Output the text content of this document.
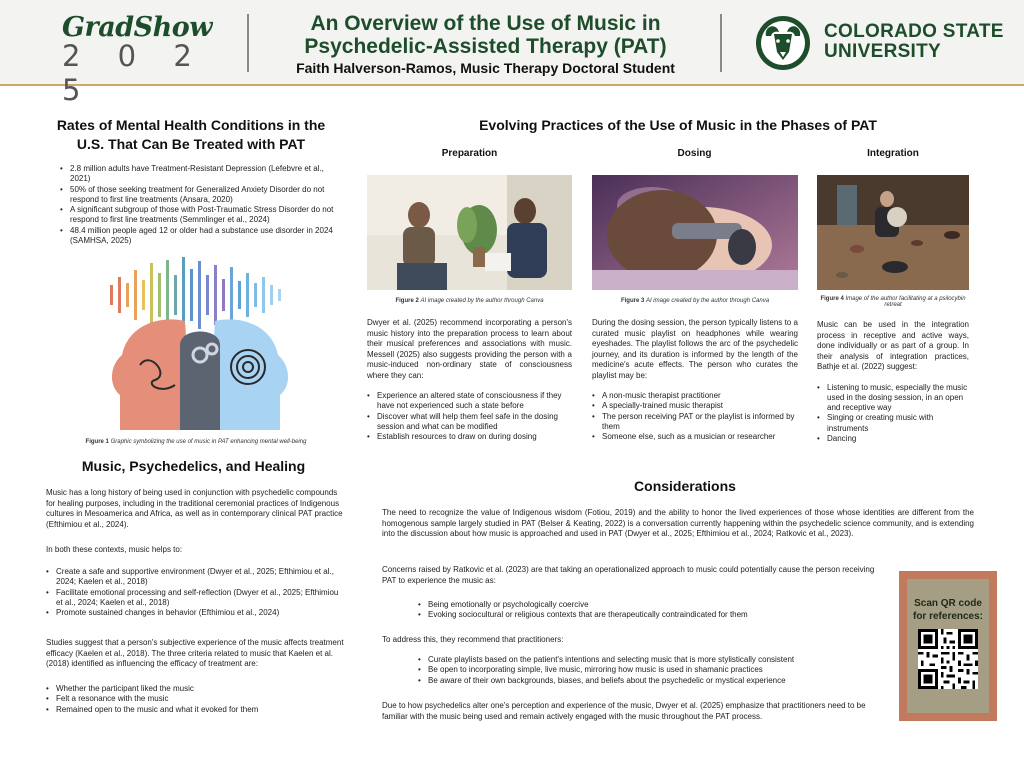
GradShow
2 0 2 5
An Overview of the Use of Music in
Psychedelic-Assisted Therapy (PAT)
Faith Halverson-Ramos, Music Therapy Doctoral Student
COLORADO STATE
UNIVERSITY
Rates of Mental Health Conditions in the U.S. That Can Be Treated with PAT
• 2.8 million adults have Treatment-Resistant Depression (Lefebvre et al., 2021)
• 50% of those seeking treatment for Generalized Anxiety Disorder do not respond to first line treatments (Ansara, 2020)
• A significant subgroup of those with Post-Traumatic Stress Disorder do not respond to first line treatments (Semmlinger et al., 2024)
• 48.4 million people aged 12 or older had a substance use disorder in 2024 (SAMHSA, 2025)
Figure 1 Graphic symbolizing the use of music in PAT enhancing mental well-being
Music, Psychedelics, and Healing
Music has a long history of being used in conjunction with psychedelic compounds for healing purposes, including in the traditional ceremonial practices of Indigenous cultures in Mesoamerica and Africa, as well as in contemporary clinical PAT practice (Efthimiou et al., 2024).
In both these contexts, music helps to:
• Create a safe and supportive environment (Dwyer et al., 2025; Efthimiou et al., 2024; Kaelen et al., 2018)
• Facilitate emotional processing and self-reflection (Dwyer et al., 2025; Efthimiou et al., 2024; Kaelen et al., 2018)
• Promote sustained changes in behavior (Efthimiou et al., 2024)
Studies suggest that a person's subjective experience of the music affects treatment efficacy (Kaelen et al., 2018). The three criteria related to music that Kaelen et al. (2018) identified as influencing the efficacy of treatment are:
• Whether the participant liked the music
• Felt a resonance with the music
• Remained open to the music and what it evoked for them
Evolving Practices of the Use of Music in the Phases of PAT
Preparation	Dosing	Integration
Figure 2 AI image created by the author through Canva	Figure 3 AI image created by the author through Canva	Figure 4 Image of the author facilitating at a psilocybin retreat
Dwyer et al. (2025) recommend incorporating a person's music history into the preparation process to learn about their musical preferences and associations with music. Messell (2025) also suggests providing the person with a music-induced non-ordinary state of consciousness where they can:
• Experience an altered state of consciousness if they have not experienced such a state before
• Discover what will help them feel safe in the dosing session and what can be modified
• Establish resources to draw on during dosing
During the dosing session, the person typically listens to a curated music playlist on headphones while wearing eyeshades. The playlist follows the arc of the psychedelic journey, and its duration is informed by the length of the medicine's acute effects. The person who curates the playlist may be:
• A non-music therapist practitioner
• A specially-trained music therapist
• The person receiving PAT or the playlist is informed by them
• Someone else, such as a musician or researcher
Music can be used in the integration process in receptive and active ways, done individually or as part of a group. In their analysis of integration practices, Bathje et al. (2022) suggest:
• Listening to music, especially the music used in the dosing session, in an open and receptive way
• Singing or creating music with instruments
• Dancing
Considerations
The need to recognize the value of Indigenous wisdom (Fotiou, 2019) and the ability to honor the lived experiences of those whose identities are different from the homogenous sample largely studied in PAT (Belser & Keating, 2022) is a conversation currently happening within the psychedelic science community, and is extending into the discussion about how music is approached and used in PAT (Dwyer et al., 2025; Efthimiou et al., 2024; Ratkovic et al., 2023).
Concerns raised by Ratkovic et al. (2023) are that taking an operationalized approach to music could potentially cause the person receiving PAT to experience the music as:
• Being emotionally or psychologically coercive
• Evoking sociocultural or religious contexts that are therapeutically contraindicated for them
To address this, they recommend that practitioners:
• Curate playlists based on the patient's intentions and selecting music that is more stylistically consistent
• Be open to incorporating simple, live music, mirroring how music is used in shamanic practices
• Be aware of their own backgrounds, biases, and beliefs about the psychedelic or mystical experience
Due to how psychedelics alter one's perception and experience of the music, Dwyer et al. (2025) emphasize that practitioners need to be familiar with the music being used and remain actively engaged with the music throughout the PAT process.
Scan QR code
for references:
